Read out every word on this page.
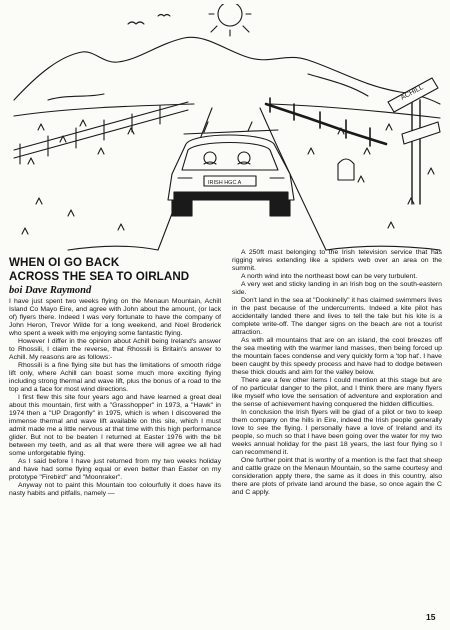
ACHILL
IRISH HGC A
WHEN OI GO BACK
ACROSS THE SEA TO OIRLAND
boi Dave Raymond

I have just spent two weeks flying on the Menaun Mountain, Achill Island Co Mayo Eire, and agree with John about the amount, (or lack of) flyers there. Indeed I was very fortunate to have the company of John Heron, Trevor Wilde for a long weekend, and Noel Broderick who spent a week with me enjoying some fantastic flying.

However I differ in the opinion about Achill being Ireland's answer to Rhossili, I claim the reverse, that Rhossili is Britain's answer to Achill. My reasons are as follows:-

Rhossili is a fine flying site but has the limitations of smooth ridge lift only, where Achill can boast some much more exciting flying including strong thermal and wave lift, plus the bonus of a road to the top and a face for most wind directions.

I first flew this site four years ago and have learned a great deal about this mountain, first with a "Grasshopper" in 1973, a "Hawk" in 1974 then a "UP Dragonfly" in 1975, which is when I discovered the immense thermal and wave lift available on this site, which I must admit made me a little nervous at that time with this high performance glider. But not to be beaten I returned at Easter 1976 with the bit between my teeth, and as all that were there will agree we all had some unforgetable flying.

As I said before I have just returned from my two weeks holiday and have had some flying equal or even better than Easter on my prototype "Firebird" and "Moonraker".

Anyway not to paint this Mountain too colourfully it does have its nasty habits and pitfalls, namely —

A 250ft mast belonging to the Irish television service that has rigging wires extending like a spiders web over an area on the summit.

A north wind into the northeast bowl can be very turbulent.

A very wet and sticky landing in an Irish bog on the south-eastern side.

Don't land in the sea at "Dookinelly" it has claimed swimmers lives in the past because of the undercurrents. Indeed a kite pilot has accidentally landed there and lives to tell the tale but his kite is a complete write-off. The danger signs on the beach are not a tourist attraction.

As with all mountains that are on an island, the cool breezes off the sea meeting with the warmer land masses, then being forced up the mountain faces condense and very quickly form a 'top hat'. I have been caught by this speedy process and have had to dodge between these thick clouds and aim for the valley below.

There are a few other items I could mention at this stage but are of no particular danger to the pilot, and I think there are many flyers like myself who love the sensation of adventure and exploration and the sense of achievement having conquered the hidden difficulties.

In conclusion the Irish flyers will be glad of a pilot or two to keep them company on the hills in Eire, indeed the Irish people generally love to see the flying. I personally have a love of Ireland and its people, so much so that I have been going over the water for my two weeks annual holiday for the past 18 years, the last four flying so I can recommend it.

One further point that is worthy of a mention is the fact that sheep and cattle graze on the Menaun Mountain, so the same courtesy and consideration apply there, the same as it does in this country, also there are plots of private land around the base, so once again the C and C apply.

15
